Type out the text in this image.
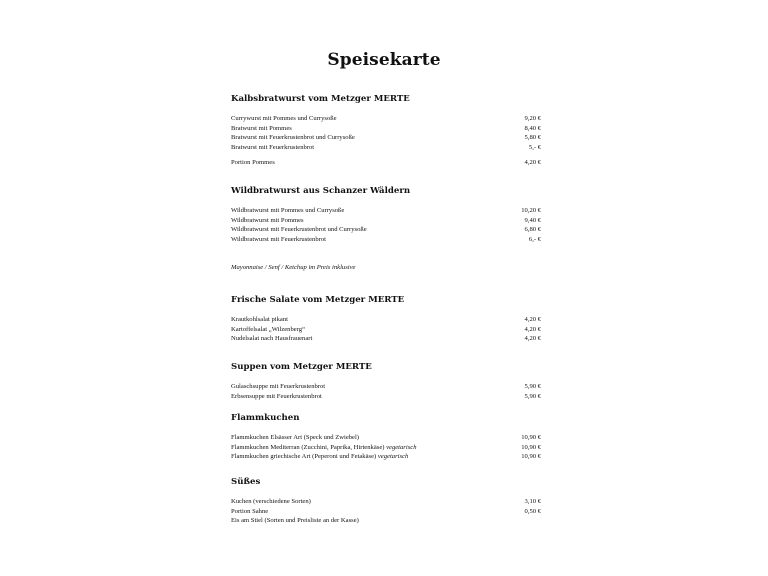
Speisekarte
Kalbsbratwurst vom Metzger MERTE
Currywurst mit Pommes und Currysoße	9,20 €
Bratwurst mit Pommes	8,40 €
Bratwurst mit Feuerkrustenbrot und Currysoße	5,80 €
Bratwurst mit Feuerkrustenbrot	5,- €
Portion Pommes	4,20 €
Wildbratwurst aus Schanzer Wäldern
Wildbratwurst mit Pommes und Currysoße	10,20 €
Wildbratwurst mit Pommes	9,40 €
Wildbratwurst mit Feuerkrustenbrot und Currysoße	6,80 €
Wildbratwurst mit Feuerkrustenbrot	6,- €
Mayonnaise / Senf / Ketchup im Preis inklusive
Frische Salate vom Metzger MERTE
Krautkohlsalat pikant	4,20 €
Kartoffelsalat „Wilzenberg“	4,20 €
Nudelsalat nach Hausfrauenart	4,20 €
Suppen vom Metzger MERTE
Gulaschsuppe mit Feuerkrustenbrot	5,90 €
Erbsensuppe mit Feuerkrustenbrot	5,90 €
Flammkuchen
Flammkuchen Elsässer Art (Speck und Zwiebel)	10,90 €
Flammkuchen Mediterran (Zucchini, Paprika, Hirtenkäse) vegetarisch	10,90 €
Flammkuchen griechische Art (Peperoni und Fetakäse) vegetarisch	10,90 €
Süßes
Kuchen (verschiedene Sorten)	3,10 €
Portion Sahne	0,50 €
Eis am Stiel (Sorten und Preisliste an der Kasse)
